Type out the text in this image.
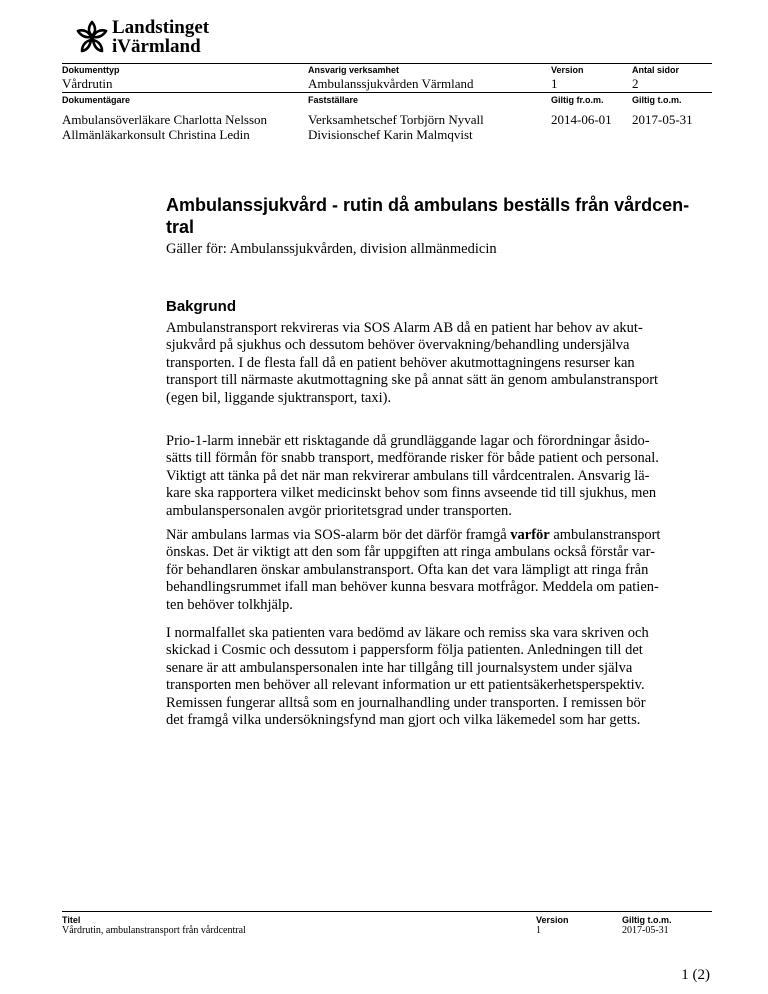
Landstinget
iVärmland
Dokumenttyp
Vårdrutin
Ansvarig verksamhet
Ambulanssjukvården Värmland
Version
1
Antal sidor
2
Dokumentägare
Ambulansöverläkare Charlotta Nelsson
Allmänläkarkonsult Christina Ledin
Fastställare
Verksamhetschef Torbjörn Nyvall
Divisionschef Karin Malmqvist
Giltig fr.o.m.
2014-06-01
Giltig t.o.m.
2017-05-31
Ambulanssjukvård - rutin då ambulans beställs från vårdcen-
tral
Gäller för: Ambulanssjukvården, division allmänmedicin
Bakgrund

Ambulanstransport rekvireras via SOS Alarm AB då en patient har behov av akut-
sjukvård på sjukhus och dessutom behöver övervakning/behandling undersjälva
transporten. I de flesta fall då en patient behöver akutmottagningens resurser kan
transport till närmaste akutmottagning ske på annat sätt än genom ambulanstransport
(egen bil, liggande sjuktransport, taxi).

Prio-1-larm innebär ett risktagande då grundläggande lagar och förordningar åsido-
sätts till förmån för snabb transport, medförande risker för både patient och personal.
Viktigt att tänka på det när man rekvirerar ambulans till vårdcentralen. Ansvarig lä-
kare ska rapportera vilket medicinskt behov som finns avseende tid till sjukhus, men
ambulanspersonalen avgör prioritetsgrad under transporten.

När ambulans larmas via SOS-alarm bör det därför framgå varför ambulanstransport
önskas. Det är viktigt att den som får uppgiften att ringa ambulans också förstår var-
för behandlaren önskar ambulanstransport. Ofta kan det vara lämpligt att ringa från
behandlingsrummet ifall man behöver kunna besvara motfrågor. Meddela om patien-
ten behöver tolkhjälp.

I normalfallet ska patienten vara bedömd av läkare och remiss ska vara skriven och
skickad i Cosmic och dessutom i pappersform följa patienten. Anledningen till det
senare är att ambulanspersonalen inte har tillgång till journalsystem under själva
transporten men behöver all relevant information ur ett patientsäkerhetsperspektiv.
Remissen fungerar alltså som en journalhandling under transporten. I remissen bör
det framgå vilka undersökningsfynd man gjort och vilka läkemedel som har getts.

Titel
Vårdrutin, ambulanstransport från vårdcentral
Version
1
Giltig t.o.m.
2017-05-31
1 (2)
